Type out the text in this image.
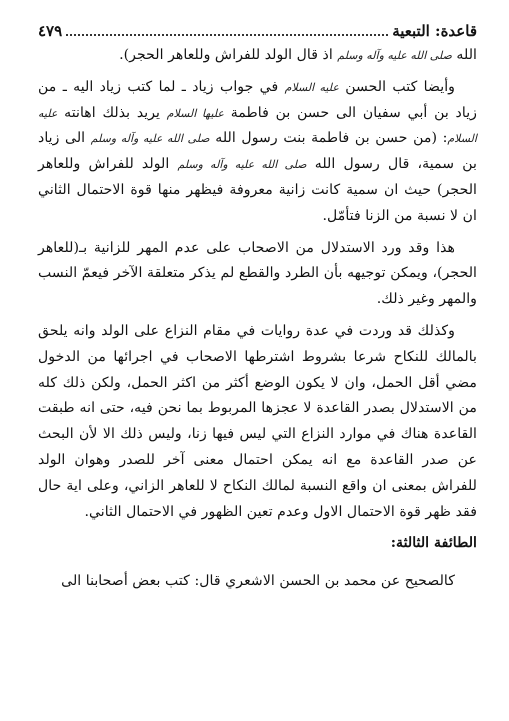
قاعدة: التبعية
٤٧٩

الله صلى الله عليه وآله وسلم اذ قال الولد للفراش وللعاهر الحجر).

وأيضا كتب الحسن عليه السلام في جواب زياد ـ لما كتب زياد اليه ـ من زياد بن أبي سفيان الى حسن بن فاطمة عليها السلام يريد بذلك اهانته عليه السلام: (من حسن بن فاطمة بنت رسول الله صلى الله عليه وآله وسلم الى زياد بن سمية، قال رسول الله صلى الله عليه وآله وسلم الولد للفراش وللعاهر الحجر) حيث ان سمية كانت زانية معروفة فيظهر منها قوة الاحتمال الثاني ان لا نسبة من الزنا فتأمّل.

هذا وقد ورد الاستدلال من الاصحاب على عدم المهر للزانية بـ(للعاهر الحجر)، ويمكن توجيهه بأن الطرد والقطع لم يذكر متعلقة الآخر فيعمّ النسب والمهر وغير ذلك.

وكذلك قد وردت في عدة روايات في مقام النزاع على الولد وانه يلحق بالمالك للنكاح شرعا بشروط اشترطها الاصحاب في اجرائها من الدخول مضي أقل الحمل، وان لا يكون الوضع أكثر من اكثر الحمل، ولكن ذلك كله من الاستدلال بصدر القاعدة لا عجزها المربوط بما نحن فيه، حتى انه طبقت القاعدة هناك في موارد النزاع التي ليس فيها زنا، وليس ذلك الا لأن البحث عن صدر القاعدة مع انه يمكن احتمال معنى آخر للصدر وهوان الولد للفراش بمعنى ان واقع النسبة لمالك النكاح لا للعاهر الزاني، وعلى اية حال فقد ظهر قوة الاحتمال الاول وعدم تعين الظهور في الاحتمال الثاني.

الطائفة الثالثة:

كالصحيح عن محمد بن الحسن الاشعري قال: كتب بعض أصحابنا الى
